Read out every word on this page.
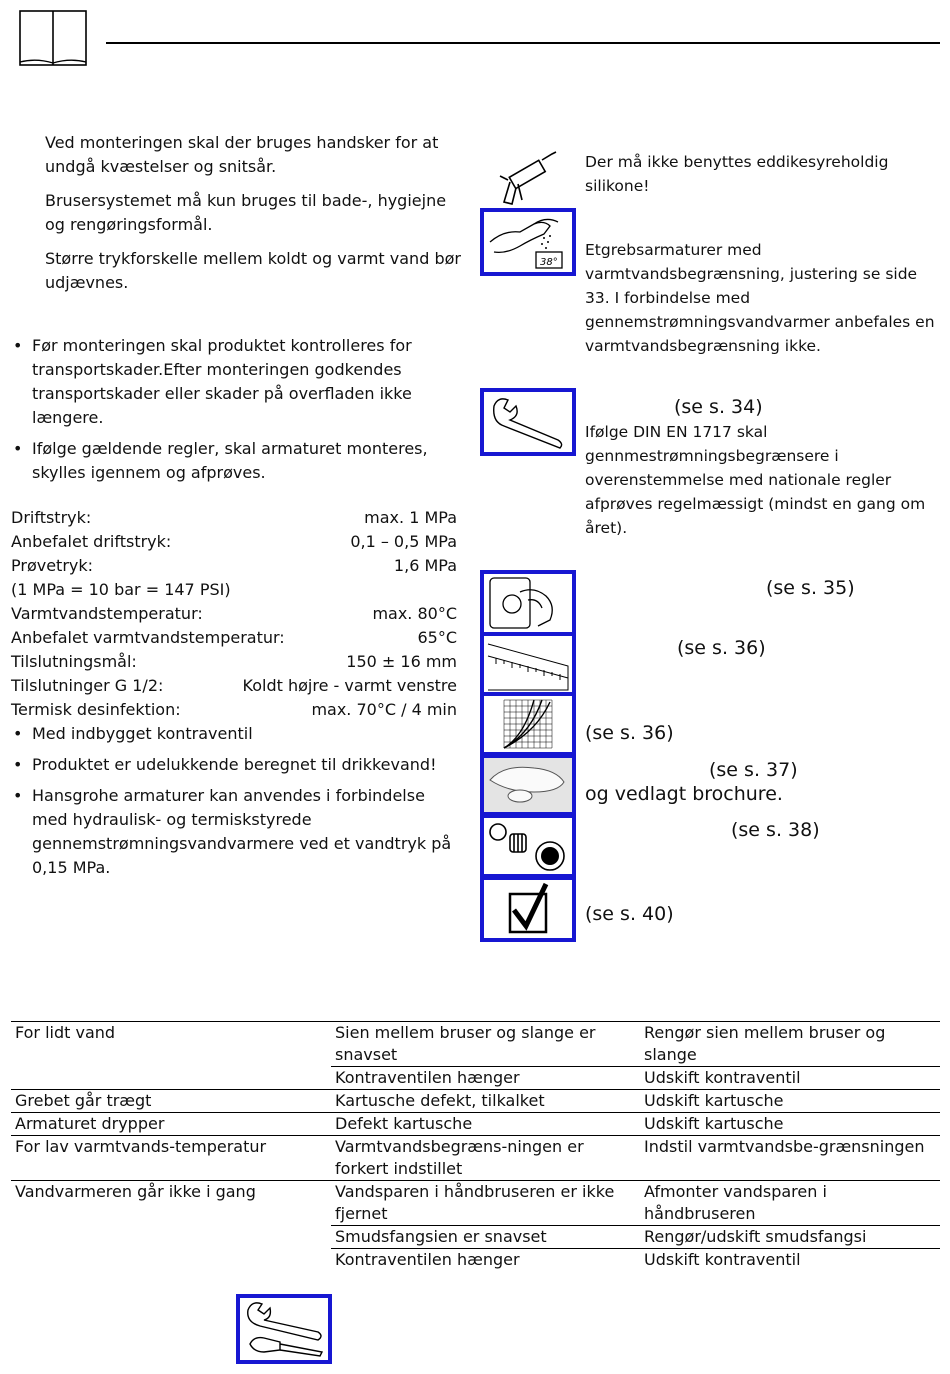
Ved monteringen skal der bruges handsker for at undgå kvæstelser og snitsår.

Brusersystemet må kun bruges til bade-, hygiejne og rengøringsformål.

Større trykforskelle mellem koldt og varmt vand bør udjævnes.

• Før monteringen skal produktet kontrolleres for transportskader.Efter monteringen godkendes transportskader eller skader på overfladen ikke længere.
• Ifølge gældende regler, skal armaturet monteres, skylles igennem og afprøves.
Driftstryk:	max. 1 MPa
Anbefalet driftstryk:	0,1 – 0,5 MPa
Prøvetryk:	1,6 MPa
(1 MPa = 10 bar = 147 PSI)
Varmtvandstemperatur:	max. 80°C
Anbefalet varmtvandstemperatur:	65°C
Tilslutningsmål:	150 ± 16 mm
Tilslutninger G 1/2:	Koldt højre - varmt venstre
Termisk desinfektion:	max. 70°C / 4 min
• Med indbygget kontraventil
• Produktet er udelukkende beregnet til drikkevand!
• Hansgrohe armaturer kan anvendes i forbindelse med hydraulisk- og termiskstyrede gennemstrømningsvandvarmere ved et vandtryk på 0,15 MPa.
Der må ikke benyttes eddikesyreholdig silikone!
38°
Etgrebsarmaturer med varmtvandsbegrænsning, justering se side 33. I forbindelse med gennemstrømningsvandvarmer anbefales en varmtvandsbegrænsning ikke.
(se s. 34)
Ifølge DIN EN 1717 skal gennmestrømningsbegrænsere i overenstemmelse med nationale regler afprøves regelmæssigt (mindst en gang om året).
(se s. 35)
(se s. 36)
(se s. 36)
(se s. 37)
og vedlagt brochure.
(se s. 38)
(se s. 40)
For lidt vand	Sien mellem bruser og slange er snavset	Rengør sien mellem bruser og slange
	Kontraventilen hænger	Udskift kontraventil
Grebet går trægt	Kartusche defekt, tilkalket	Udskift kartusche
Armaturet drypper	Defekt kartusche	Udskift kartusche
For lav varmtvands-temperatur	Varmtvandsbegræns-ningen er forkert indstillet	Indstil varmtvandsbe-grænsningen
Vandvarmeren går ikke i gang	Vandsparen i håndbruseren er ikke fjernet	Afmonter vandsparen i håndbruseren
	Smudsfangsien er snavset	Rengør/udskift smudsfangsi
	Kontraventilen hænger	Udskift kontraventil
